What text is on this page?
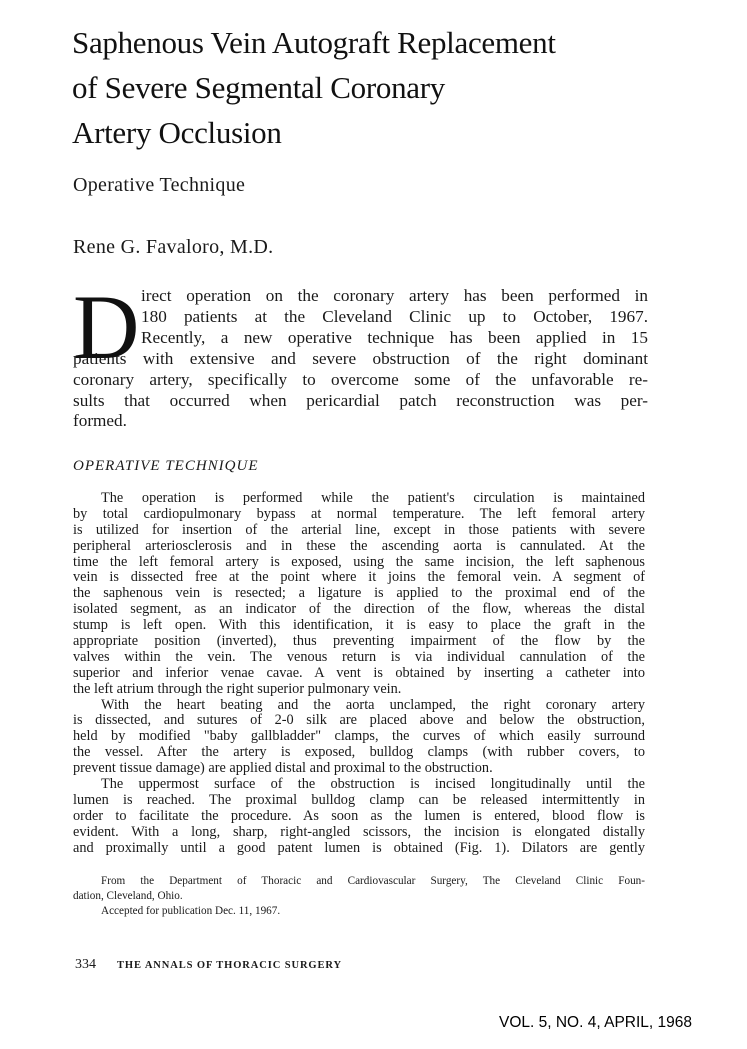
Saphenous Vein Autograft Replacement
of Severe Segmental Coronary
Artery Occlusion
Operative Technique
Rene G. Favaloro, M.D.
D irect operation on the coronary artery has been performed in
180 patients at the Cleveland Clinic up to October, 1967.
Recently, a new operative technique has been applied in 15
patients with extensive and severe obstruction of the right dominant
coronary artery, specifically to overcome some of the unfavorable re-
sults that occurred when pericardial patch reconstruction was per-
formed.
OPERATIVE TECHNIQUE
The operation is performed while the patient's circulation is maintained
by total cardiopulmonary bypass at normal temperature. The left femoral artery
is utilized for insertion of the arterial line, except in those patients with severe
peripheral arteriosclerosis and in these the ascending aorta is cannulated. At the
time the left femoral artery is exposed, using the same incision, the left saphenous
vein is dissected free at the point where it joins the femoral vein. A segment of
the saphenous vein is resected; a ligature is applied to the proximal end of the
isolated segment, as an indicator of the direction of the flow, whereas the distal
stump is left open. With this identification, it is easy to place the graft in the
appropriate position (inverted), thus preventing impairment of the flow by the
valves within the vein. The venous return is via individual cannulation of the
superior and inferior venae cavae. A vent is obtained by inserting a catheter into
the left atrium through the right superior pulmonary vein.
With the heart beating and the aorta unclamped, the right coronary artery
is dissected, and sutures of 2-0 silk are placed above and below the obstruction,
held by modified "baby gallbladder" clamps, the curves of which easily surround
the vessel. After the artery is exposed, bulldog clamps (with rubber covers, to
prevent tissue damage) are applied distal and proximal to the obstruction.
The uppermost surface of the obstruction is incised longitudinally until the
lumen is reached. The proximal bulldog clamp can be released intermittently in
order to facilitate the procedure. As soon as the lumen is entered, blood flow is
evident. With a long, sharp, right-angled scissors, the incision is elongated distally
and proximally until a good patent lumen is obtained (Fig. 1). Dilators are gently
From the Department of Thoracic and Cardiovascular Surgery, The Cleveland Clinic Foun-
dation, Cleveland, Ohio.
Accepted for publication Dec. 11, 1967.
334 THE ANNALS OF THORACIC SURGERY
VOL. 5, NO. 4, APRIL, 1968
